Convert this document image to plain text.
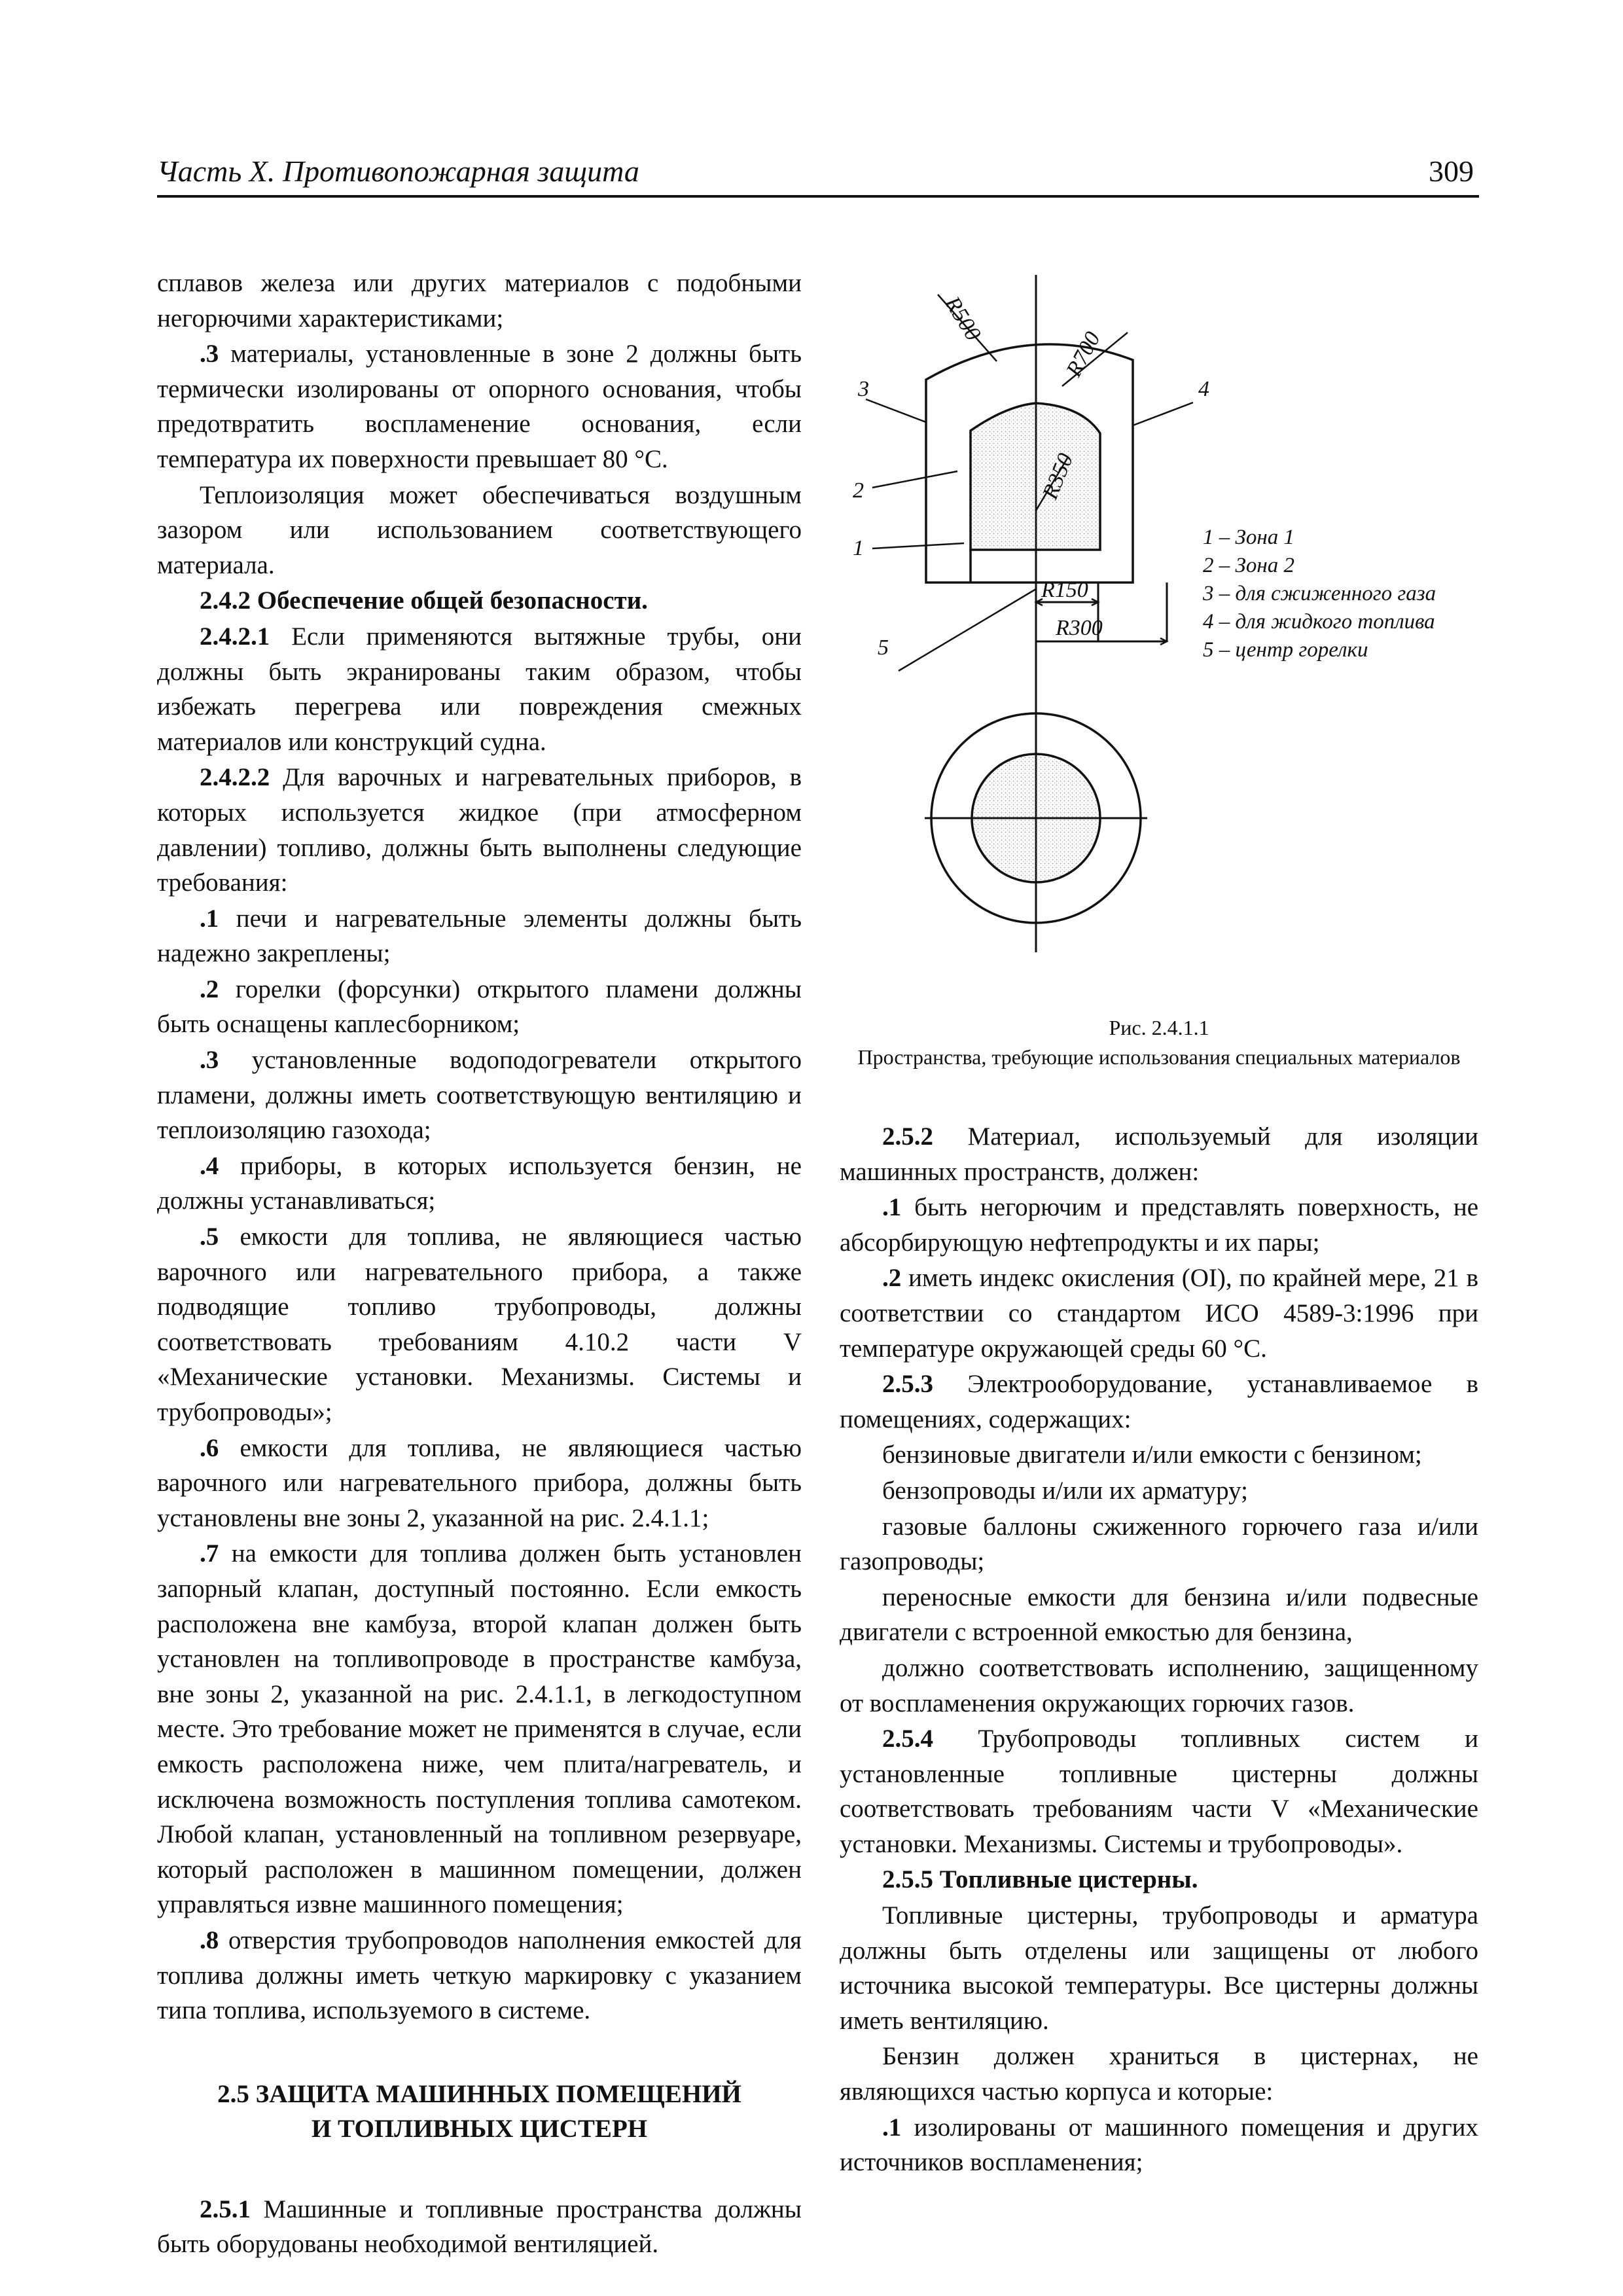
Часть X. Противопожарная защита	309

сплавов железа или других материалов с подобными негорючими характеристиками;

.3 материалы, установленные в зоне 2 должны быть термически изолированы от опорного основания, чтобы предотвратить воспламенение основания, если температура их поверхности превышает 80 °С.

Теплоизоляция может обеспечиваться воздушным зазором или использованием соответствующего материала.

2.4.2 Обеспечение общей безопасности.

2.4.2.1 Если применяются вытяжные трубы, они должны быть экранированы таким образом, чтобы избежать перегрева или повреждения смежных материалов или конструкций судна.

2.4.2.2 Для варочных и нагревательных приборов, в которых используется жидкое (при атмосферном давлении) топливо, должны быть выполнены следующие требования:

.1 печи и нагревательные элементы должны быть надежно закреплены;

.2 горелки (форсунки) открытого пламени должны быть оснащены каплесборником;

.3 установленные водоподогреватели открытого пламени, должны иметь соответствующую вентиляцию и теплоизоляцию газохода;

.4 приборы, в которых используется бензин, не должны устанавливаться;

.5 емкости для топлива, не являющиеся частью варочного или нагревательного прибора, а также подводящие топливо трубопроводы, должны соответствовать требованиям 4.10.2 части V «Механические установки. Механизмы. Системы и трубопроводы»;

.6 емкости для топлива, не являющиеся частью варочного или нагревательного прибора, должны быть установлены вне зоны 2, указанной на рис. 2.4.1.1;

.7 на емкости для топлива должен быть установлен запорный клапан, доступный постоянно. Если емкость расположена вне камбуза, второй клапан должен быть установлен на топливопроводе в пространстве камбуза, вне зоны 2, указанной на рис. 2.4.1.1, в легкодоступном месте. Это требование может не применятся в случае, если емкость расположена ниже, чем плита/нагреватель, и исключена возможность поступления топлива самотеком. Любой клапан, установленный на топливном резервуаре, который расположен в машинном помещении, должен управляться извне машинного помещения;

.8 отверстия трубопроводов наполнения емкостей для топлива должны иметь четкую маркировку с указанием типа топлива, используемого в системе.

2.5 ЗАЩИТА МАШИННЫХ ПОМЕЩЕНИЙ
И ТОПЛИВНЫХ ЦИСТЕРН

2.5.1 Машинные и топливные пространства должны быть оборудованы необходимой вентиляцией.

R500
R700
R350
R150
R300
3	4
2
1
5
1 – Зона 1
2 – Зона 2
3 – для сжиженного газа
4 – для жидкого топлива
5 – центр горелки
Рис. 2.4.1.1
Пространства, требующие использования специальных материалов

2.5.2 Материал, используемый для изоляции машинных пространств, должен:

.1 быть негорючим и представлять поверхность, не абсорбирующую нефтепродукты и их пары;

.2 иметь индекс окисления (OI), по крайней мере, 21 в соответствии со стандартом ИСО 4589-3:1996 при температуре окружающей среды 60 °С.

2.5.3 Электрооборудование, устанавливаемое в помещениях, содержащих:

бензиновые двигатели и/или емкости с бензином;

бензопроводы и/или их арматуру;

газовые баллоны сжиженного горючего газа и/или газопроводы;

переносные емкости для бензина и/или подвесные двигатели с встроенной емкостью для бензина,

должно соответствовать исполнению, защищенному от воспламенения окружающих горючих газов.

2.5.4 Трубопроводы топливных систем и установленные топливные цистерны должны соответствовать требованиям части V «Механические установки. Механизмы. Системы и трубопроводы».

2.5.5 Топливные цистерны.

Топливные цистерны, трубопроводы и арматура должны быть отделены или защищены от любого источника высокой температуры. Все цистерны должны иметь вентиляцию.

Бензин должен храниться в цистернах, не являющихся частью корпуса и которые:

.1 изолированы от машинного помещения и других источников воспламенения;
